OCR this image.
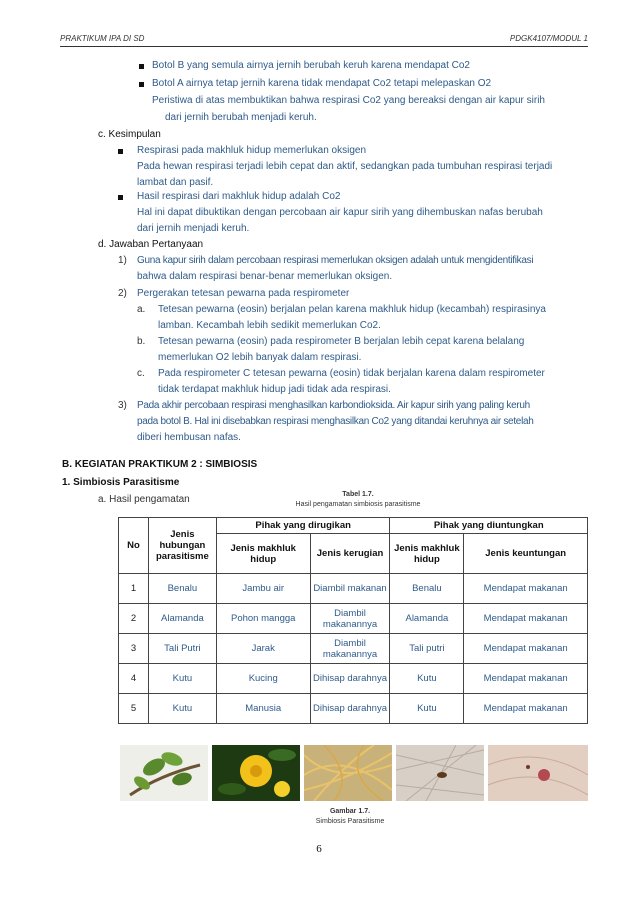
PRAKTIKUM IPA DI SD	PDGK4107/MODUL 1
Botol B yang semula airnya jernih berubah keruh karena mendapat Co2
Botol A airnya tetap jernih karena tidak mendapat Co2 tetapi melepaskan O2
Peristiwa di atas membuktikan bahwa respirasi Co2 yang bereaksi dengan air kapur sirih
dari jernih berubah menjadi keruh.
c. Kesimpulan
Respirasi pada makhluk hidup memerlukan oksigen
Pada hewan respirasi terjadi lebih cepat dan aktif, sedangkan pada tumbuhan respirasi terjadi
lambat dan pasif.
Hasil respirasi dari makhluk hidup adalah Co2
Hal ini dapat dibuktikan dengan percobaan air kapur sirih yang dihembuskan nafas berubah
dari jernih menjadi keruh.
d. Jawaban Pertanyaan
1) Guna kapur sirih dalam percobaan respirasi memerlukan oksigen adalah untuk mengidentifikasi
bahwa dalam respirasi benar-benar memerlukan oksigen.
2) Pergerakan tetesan pewarna pada respirometer
a. Tetesan pewarna (eosin) berjalan pelan karena makhluk hidup (kecambah) respirasinya
lamban. Kecambah lebih sedikit memerlukan Co2.
b. Tetesan pewarna (eosin) pada respirometer B berjalan lebih cepat karena belalang
memerlukan O2 lebih banyak dalam respirasi.
c. Pada respirometer C tetesan pewarna (eosin) tidak berjalan karena dalam respirometer
tidak terdapat makhluk hidup jadi tidak ada respirasi.
3) Pada akhir percobaan respirasi menghasilkan karbondioksida. Air kapur sirih yang paling keruh
pada botol B. Hal ini disebabkan respirasi menghasilkan Co2 yang ditandai keruhnya air setelah
diberi hembusan nafas.
B. KEGIATAN PRAKTIKUM 2 : SIMBIOSIS
1. Simbiosis Parasitisme
a. Hasil pengamatan	Tabel 1.7.
Hasil pengamatan simbiosis parasitisme
No	Jenis hubungan parasitisme	Pihak yang dirugikan		Pihak yang diuntungkan	
		Jenis makhluk hidup	Jenis kerugian	Jenis makhluk hidup	Jenis keuntungan
1	Benalu	Jambu air	Diambil makanan	Benalu	Mendapat makanan
2	Alamanda	Pohon mangga	Diambil makanannya	Alamanda	Mendapat makanan
3	Tali Putri	Jarak	Diambil makanannya	Tali putri	Mendapat makanan
4	Kutu	Kucing	Dihisap darahnya	Kutu	Mendapat makanan
5	Kutu	Manusia	Dihisap darahnya	Kutu	Mendapat makanan
Gambar 1.7.
Simbiosis Parasitisme
6
